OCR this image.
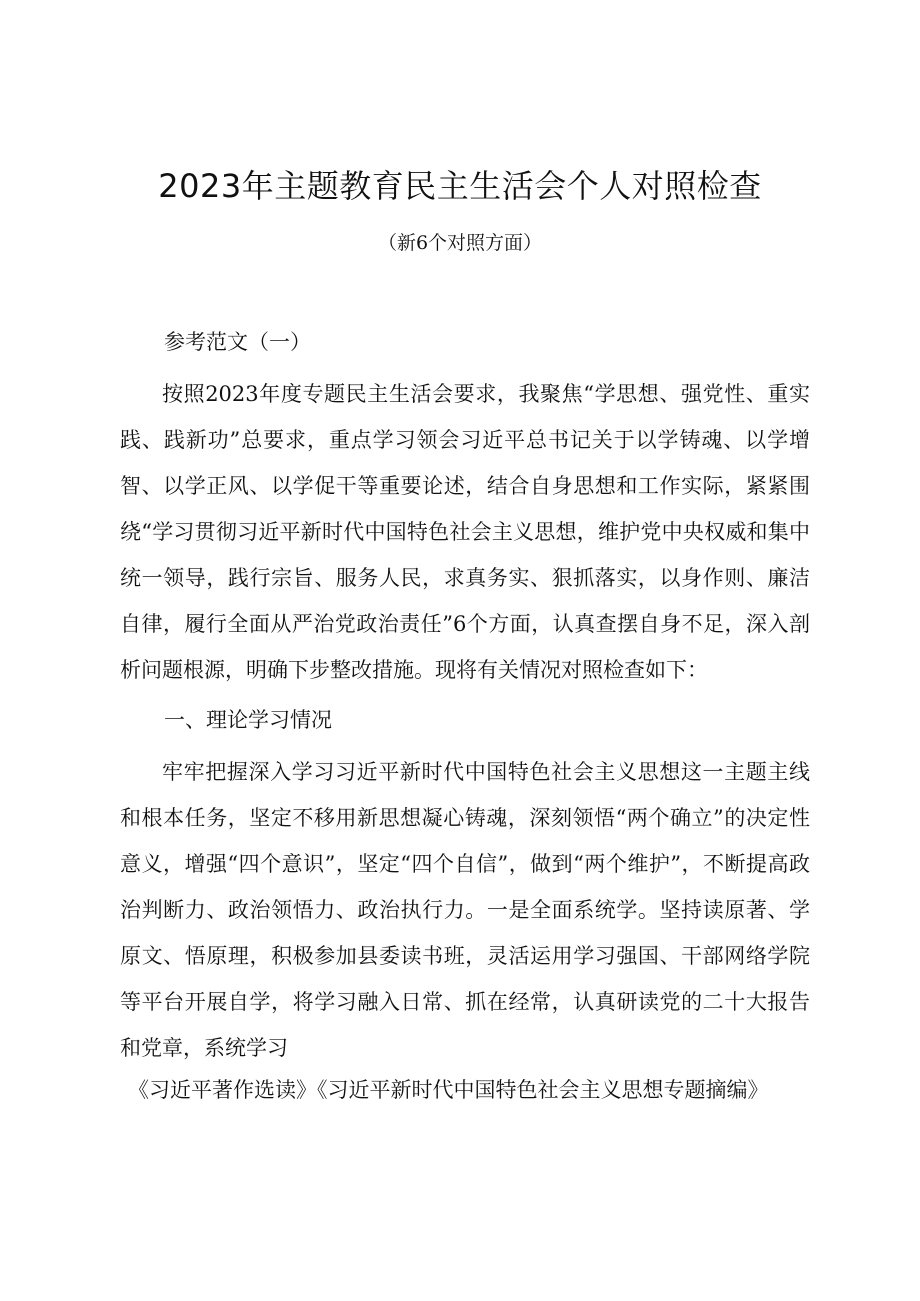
2023年主题教育民主生活会个人对照检查

（新6个对照方面）

参考范文（一）

按照2023年度专题民主生活会要求，我聚焦“学思想、强党性、重实践、践新功”总要求，重点学习领会习近平总书记关于以学铸魂、以学增智、以学正风、以学促干等重要论述，结合自身思想和工作实际，紧紧围绕“学习贯彻习近平新时代中国特色社会主义思想，维护党中央权威和集中统一领导，践行宗旨、服务人民，求真务实、狠抓落实，以身作则、廉洁自律，履行全面从严治党政治责任”6个方面，认真查摆自身不足，深入剖析问题根源，明确下步整改措施。现将有关情况对照检查如下：

一、理论学习情况

牢牢把握深入学习习近平新时代中国特色社会主义思想这一主题主线和根本任务，坚定不移用新思想凝心铸魂，深刻领悟“两个确立”的决定性意义，增强“四个意识”，坚定“四个自信”，做到“两个维护”，不断提高政治判断力、政治领悟力、政治执行力。一是全面系统学。坚持读原著、学原文、悟原理，积极参加县委读书班，灵活运用学习强国、干部网络学院等平台开展自学，将学习融入日常、抓在经常，认真研读党的二十大报告和党章，系统学习

《习近平著作选读》《习近平新时代中国特色社会主义思想专题摘编》
